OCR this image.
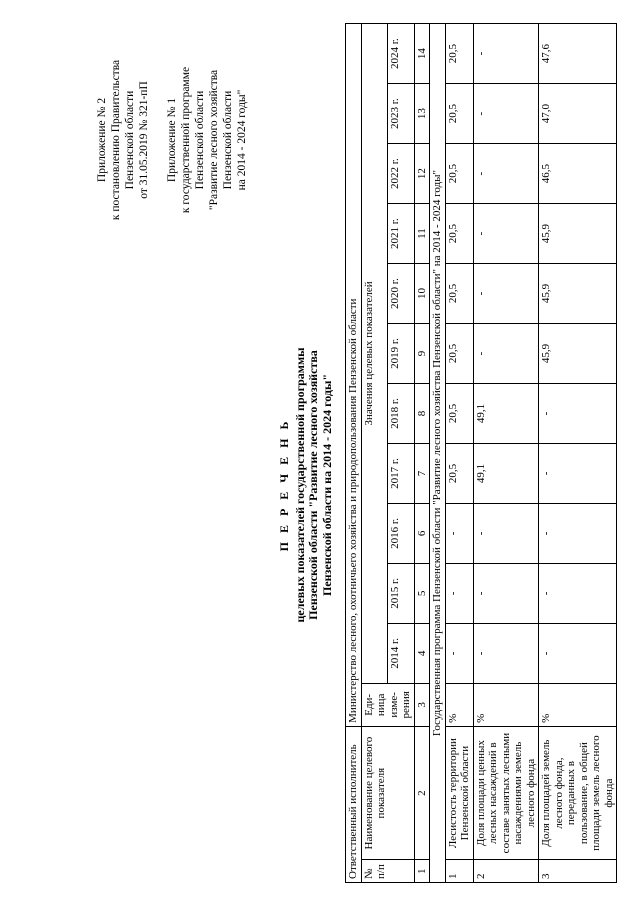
Приложение № 2 к постановлению Правительства Пензенской области от 31.05.2019 № 321-пП Приложение № 1 к государственной программе Пензенской области "Развитие лесного хозяйства Пензенской области на 2014 - 2024 годы"
П Е Р Е Ч Е Н Ь целевых показателей государственной программы Пензенской области "Развитие лесного хозяйства Пензенской области на 2014 - 2024 годы"
Ответственный исполнитель		Министерство лесного, охотничьего хозяйства и природопользования Пензенской области											
№ п/п	Наименование целевого показателя	Еди-ница изме-рения	Значения целевых показателей										
			2014 г.	2015 г.	2016 г.	2017 г.	2018 г.	2019 г.	2020 г.	2021 г.	2022 г.	2023 г.	2024 г.
1	2	3	4	5	6	7	8	9	10	11	12	13	14
Государственная программа Пензенской области "Развитие лесного хозяйства Пензенской области" на 2014 - 2024 годы"													
1	Лесистость территории Пензенской области	%	-	-	-	20,5	20,5	20,5	20,5	20,5	20,5	20,5	20,5
2	Доля площади ценных лесных насаждений в составе занятых лесными насаждениями земель лесного фонда	%	-	-	-	49,1	49,1	-	-	-	-	-	-
3	Доля площадей земель лесного фонда, переданных в пользование, в общей площади земель лесного фонда	%	-	-	-	-	-	45,9	45,9	45,9	46,5	47,0	47,6
